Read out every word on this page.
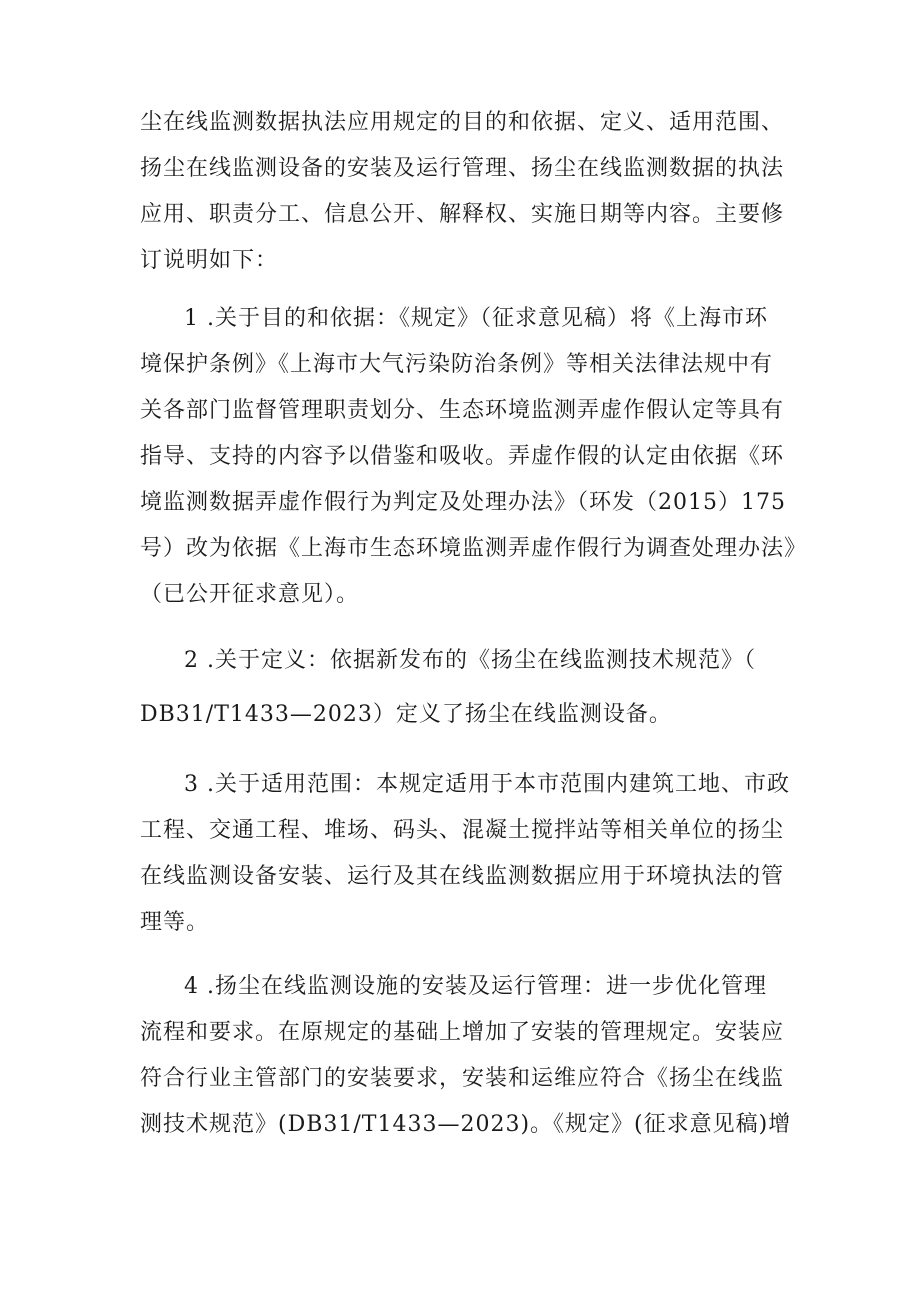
尘在线监测数据执法应用规定的目的和依据、定义、适用范围、
扬尘在线监测设备的安装及运行管理、扬尘在线监测数据的执法
应用、职责分工、信息公开、解释权、实施日期等内容。主要修
订说明如下：
1 .关于目的和依据：《规定》（征求意见稿）将《上海市环
境保护条例》《上海市大气污染防治条例》等相关法律法规中有
关各部门监督管理职责划分、生态环境监测弄虚作假认定等具有
指导、支持的内容予以借鉴和吸收。弄虚作假的认定由依据《环
境监测数据弄虚作假行为判定及处理办法》（环发（2015）175
号）改为依据《上海市生态环境监测弄虚作假行为调查处理办法》
（已公开征求意见）。
2 .关于定义：依据新发布的《扬尘在线监测技术规范》（
DB31/T1433—2023）定义了扬尘在线监测设备。
3 .关于适用范围：本规定适用于本市范围内建筑工地、市政
工程、交通工程、堆场、码头、混凝土搅拌站等相关单位的扬尘
在线监测设备安装、运行及其在线监测数据应用于环境执法的管
理等。
4 .扬尘在线监测设施的安装及运行管理：进一步优化管理
流程和要求。在原规定的基础上增加了安装的管理规定。安装应
符合行业主管部门的安装要求，安装和运维应符合《扬尘在线监
测技术规范》(DB31/T1433—2023)。《规定》(征求意见稿)增
